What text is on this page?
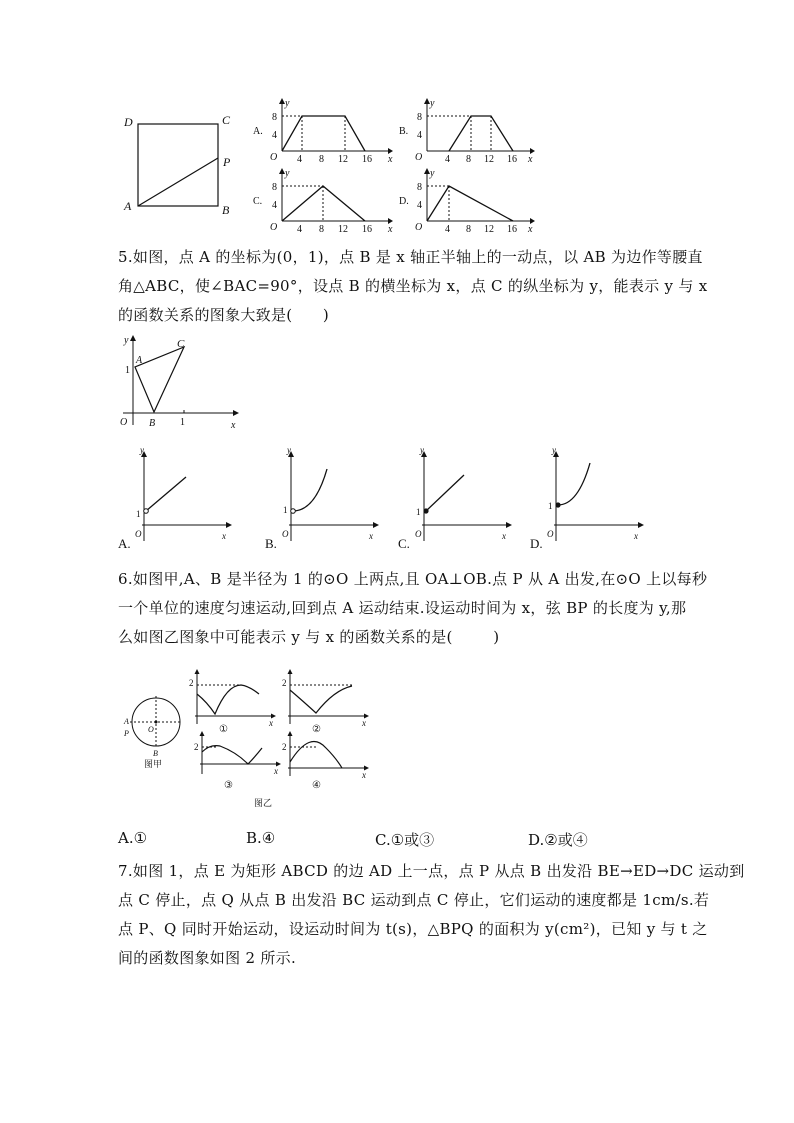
D	C
A	B
P
A.
y
x
O
8
4
4 8 12 16
B.
y
x
O
8
4
4 8 12 16
C.
y
x
O
8
4
4 8 12 16
D.
y
x
O
8
4
4 8 12 16
5.如图，点 A 的坐标为(0，1)，点 B 是 x 轴正半轴上的一动点，以 AB 为边作等腰直
角△ABC，使∠BAC=90°，设点 B 的横坐标为 x，点 C 的纵坐标为 y，能表示 y 与 x
的函数关系的图象大致是(      )
y
x
O
A
B
C
1
1
y
x
O
1
A.
y
x
O
1
B.
y
x
O
1
C.
y
x
O
1
D.
6.如图甲,A、B 是半径为 1 的⊙O 上两点,且 OA⊥OB.点 P 从 A 出发,在⊙O 上以每秒
一个单位的速度匀速运动,回到点 A 运动结束.设运动时间为 x，弦 BP 的长度为 y,那
么如图乙图象中可能表示 y 与 x 的函数关系的是(        )
A
P O
B
图甲
2
x
①
2
x
②
2
x
③
2
x
④
图乙
A.①	B.④	C.①或③	D.②或④
7.如图 1，点 E 为矩形 ABCD 的边 AD 上一点，点 P 从点 B 出发沿 BE→ED→DC 运动到
点 C 停止，点 Q 从点 B 出发沿 BC 运动到点 C 停止，它们运动的速度都是 1cm/s.若
点 P、Q 同时开始运动，设运动时间为 t(s)，△BPQ 的面积为 y(cm²)，已知 y 与 t 之
间的函数图象如图 2 所示.
